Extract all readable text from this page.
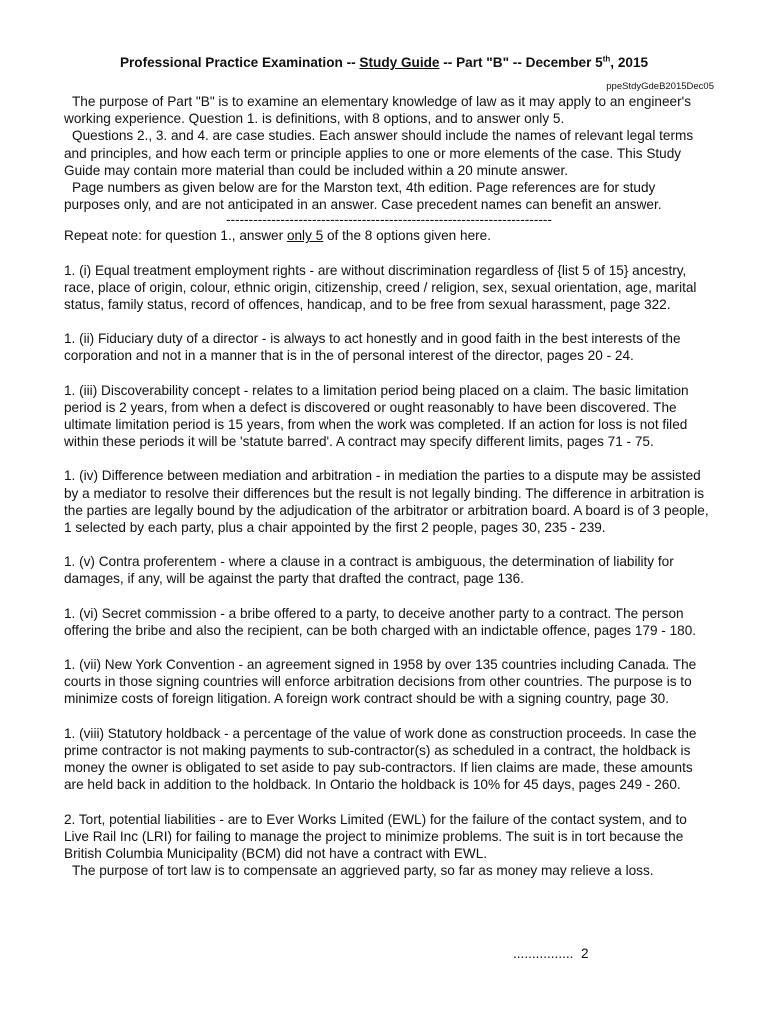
Professional Practice Examination -- Study Guide -- Part "B" -- December 5th, 2015
ppeStdyGdeB2015Dec05

The purpose of Part "B" is to examine an elementary knowledge of law as it may apply to an engineer's working experience. Question 1. is definitions, with 8 options, and to answer only 5.

Questions 2., 3. and 4. are case studies. Each answer should include the names of relevant legal terms and principles, and how each term or principle applies to one or more elements of the case. This Study Guide may contain more material than could be included within a 20 minute answer.

Page numbers as given below are for the Marston text, 4th edition. Page references are for study purposes only, and are not anticipated in an answer. Case precedent names can benefit an answer.

------------------------------------------------------------------------

Repeat note: for question 1., answer only 5 of the 8 options given here.

1. (i) Equal treatment employment rights - are without discrimination regardless of {list 5 of 15} ancestry, race, place of origin, colour, ethnic origin, citizenship, creed / religion, sex, sexual orientation, age, marital status, family status, record of offences, handicap, and to be free from sexual harassment, page 322.

1. (ii) Fiduciary duty of a director - is always to act honestly and in good faith in the best interests of the corporation and not in a manner that is in the of personal interest of the director, pages 20 - 24.

1. (iii) Discoverability concept - relates to a limitation period being placed on a claim. The basic limitation period is 2 years, from when a defect is discovered or ought reasonably to have been discovered. The ultimate limitation period is 15 years, from when the work was completed. If an action for loss is not filed within these periods it will be 'statute barred'. A contract may specify different limits, pages 71 - 75.

1. (iv) Difference between mediation and arbitration - in mediation the parties to a dispute may be assisted by a mediator to resolve their differences but the result is not legally binding. The difference in arbitration is the parties are legally bound by the adjudication of the arbitrator or arbitration board. A board is of 3 people, 1 selected by each party, plus a chair appointed by the first 2 people, pages 30, 235 - 239.

1. (v) Contra proferentem - where a clause in a contract is ambiguous, the determination of liability for damages, if any, will be against the party that drafted the contract, page 136.

1. (vi) Secret commission - a bribe offered to a party, to deceive another party to a contract. The person offering the bribe and also the recipient, can be both charged with an indictable offence, pages 179 - 180.

1. (vii) New York Convention - an agreement signed in 1958 by over 135 countries including Canada. The courts in those signing countries will enforce arbitration decisions from other countries. The purpose is to minimize costs of foreign litigation. A foreign work contract should be with a signing country, page 30.

1. (viii) Statutory holdback - a percentage of the value of work done as construction proceeds. In case the prime contractor is not making payments to sub-contractor(s) as scheduled in a contract, the holdback is money the owner is obligated to set aside to pay sub-contractors. If lien claims are made, these amounts are held back in addition to the holdback. In Ontario the holdback is 10% for 45 days, pages 249 - 260.

2. Tort, potential liabilities - are to Ever Works Limited (EWL) for the failure of the contact system, and to Live Rail Inc (LRI) for failing to manage the project to minimize problems. The suit is in tort because the British Columbia Municipality (BCM) did not have a contract with EWL.

The purpose of tort law is to compensate an aggrieved party, so far as money may relieve a loss.

................ 2
